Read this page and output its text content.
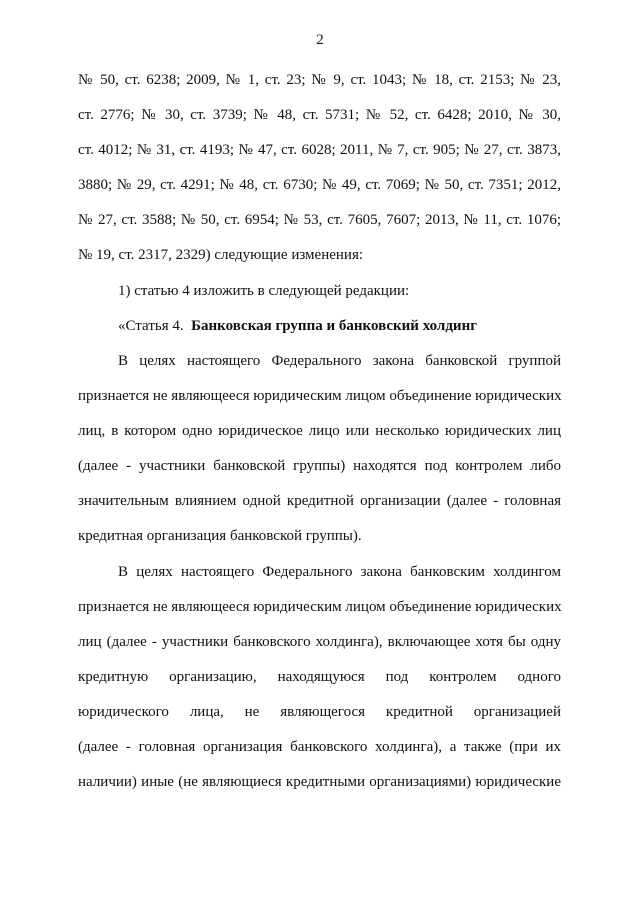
2
№ 50, ст. 6238; 2009, № 1, ст. 23; № 9, ст. 1043; № 18, ст. 2153; № 23,
ст. 2776; № 30, ст. 3739; № 48, ст. 5731; № 52, ст. 6428; 2010, № 30,
ст. 4012; № 31, ст. 4193; № 47, ст. 6028; 2011, № 7, ст. 905; № 27, ст. 3873,
3880; № 29, ст. 4291; № 48, ст. 6730; № 49, ст. 7069; № 50, ст. 7351; 2012,
№ 27, ст. 3588; № 50, ст. 6954; № 53, ст. 7605, 7607; 2013, № 11, ст. 1076;
№ 19, ст. 2317, 2329) следующие изменения:
1) статью 4 изложить в следующей редакции:
«Статья 4. Банковская группа и банковский холдинг
В целях настоящего Федерального закона банковской группой
признается не являющееся юридическим лицом объединение юридических
лиц, в котором одно юридическое лицо или несколько юридических лиц
(далее - участники банковской группы) находятся под контролем либо
значительным влиянием одной кредитной организации (далее - головная
кредитная организация банковской группы).
В целях настоящего Федерального закона банковским холдингом
признается не являющееся юридическим лицом объединение юридических
лиц (далее - участники банковского холдинга), включающее хотя бы одну
кредитную организацию, находящуюся под контролем одного
юридического лица, не являющегося кредитной организацией
(далее - головная организация банковского холдинга), а также (при их
наличии) иные (не являющиеся кредитными организациями) юридические
